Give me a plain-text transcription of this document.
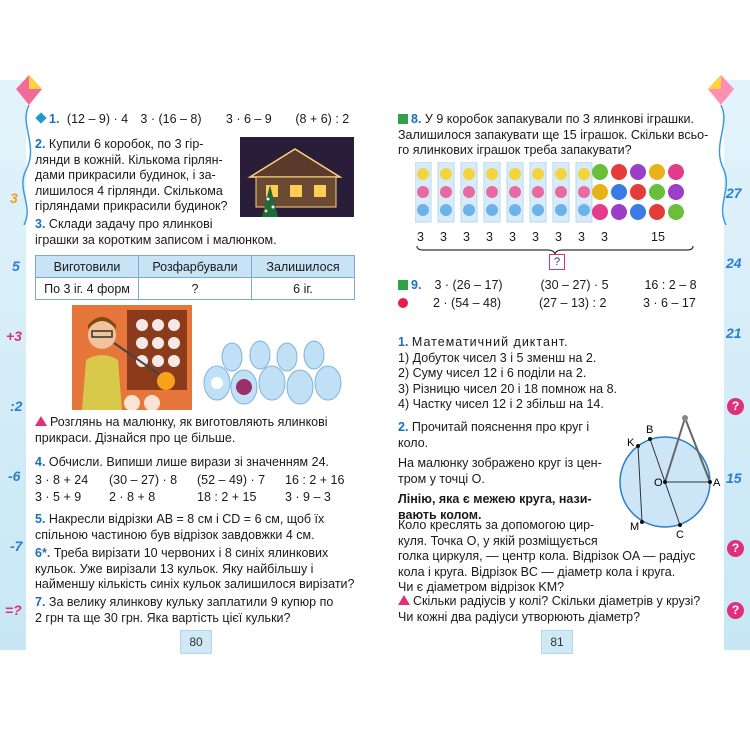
3
5
+3
:2
-6
-7
=?
27
24
21
?
15
?
?
1. (12 – 9) · 4 3 · (16 – 8) 3 · 6 – 9 (8 + 6) : 2
2. Купили 6 коробок, по 3 гір-
лянди в кожній. Кількома гірлян-
дами прикрасили будинок, і за-
лишилося 4 гірлянди. Скількома
гірляндами прикрасили будинок?
3. Склади задачу про ялинкові
іграшки за коротким записом і малюнком.
Виготовили	Розфарбували	Залишилося
По 3 іг. 4 форм	?	6 іг.
Розглянь на малюнку, як виготовляють ялинкові
прикраси. Дізнайся про це більше.
4. Обчисли. Випиши лише вирази зі значенням 24.
3 · 8 + 24 (30 – 27) · 8 (52 – 49) · 7 16 : 2 + 16
3 · 5 + 9 2 · 8 + 8	18 : 2 + 15 3 · 9 – 3
5. Накресли відрізки AB = 8 см і CD = 6 см, щоб їх
спільною частиною був відрізок завдовжки 4 см.
6*. Треба вирізати 10 червоних і 8 синіх ялинкових
кульок. Уже вирізали 13 кульок. Яку найбільшу і
найменшу кількість синіх кульок залишилося вирізати?
7. За велику ялинкову кульку заплатили 9 купюр по
2 грн та ще 30 грн. Яка вартість цієї кульки?
80
8. У 9 коробок запакували по 3 ялинкові іграшки.
Залишилося запакувати ще 15 іграшок. Скільки всьо-
го ялинкових іграшок треба запакувати?
3 3 3 3 3 3 3 3 3	15
?
9. 3 · (26 – 17)	(30 – 27) · 5	16 : 2 – 8
2 · (54 – 48)	(27 – 13) : 2	3 · 6 – 17
1. Математичний диктант.
1) Добуток чисел 3 і 5 зменш на 2.
2) Суму чисел 12 і 6 поділи на 2.
3) Різницю чисел 20 і 18 помнож на 8.
4) Частку чисел 12 і 2 збільш на 14.
2. Прочитай пояснення про круг і
коло.
На малюнку зображено круг із цен-
тром у точці O.
Лінію, яка є межею круга, нази-
вають колом.
K
B
O	A
M
C
Коло креслять за допомогою цир-
куля. Точка O, у якій розміщується
голка циркуля, — центр кола. Відрізок OA — радіус
кола і круга. Відрізок BC — діаметр кола і круга.
Чи є діаметром відрізок KM?
Скільки радіусів у колі? Скільки діаметрів у крузі?
Чи кожні два радіуси утворюють діаметр?
81
